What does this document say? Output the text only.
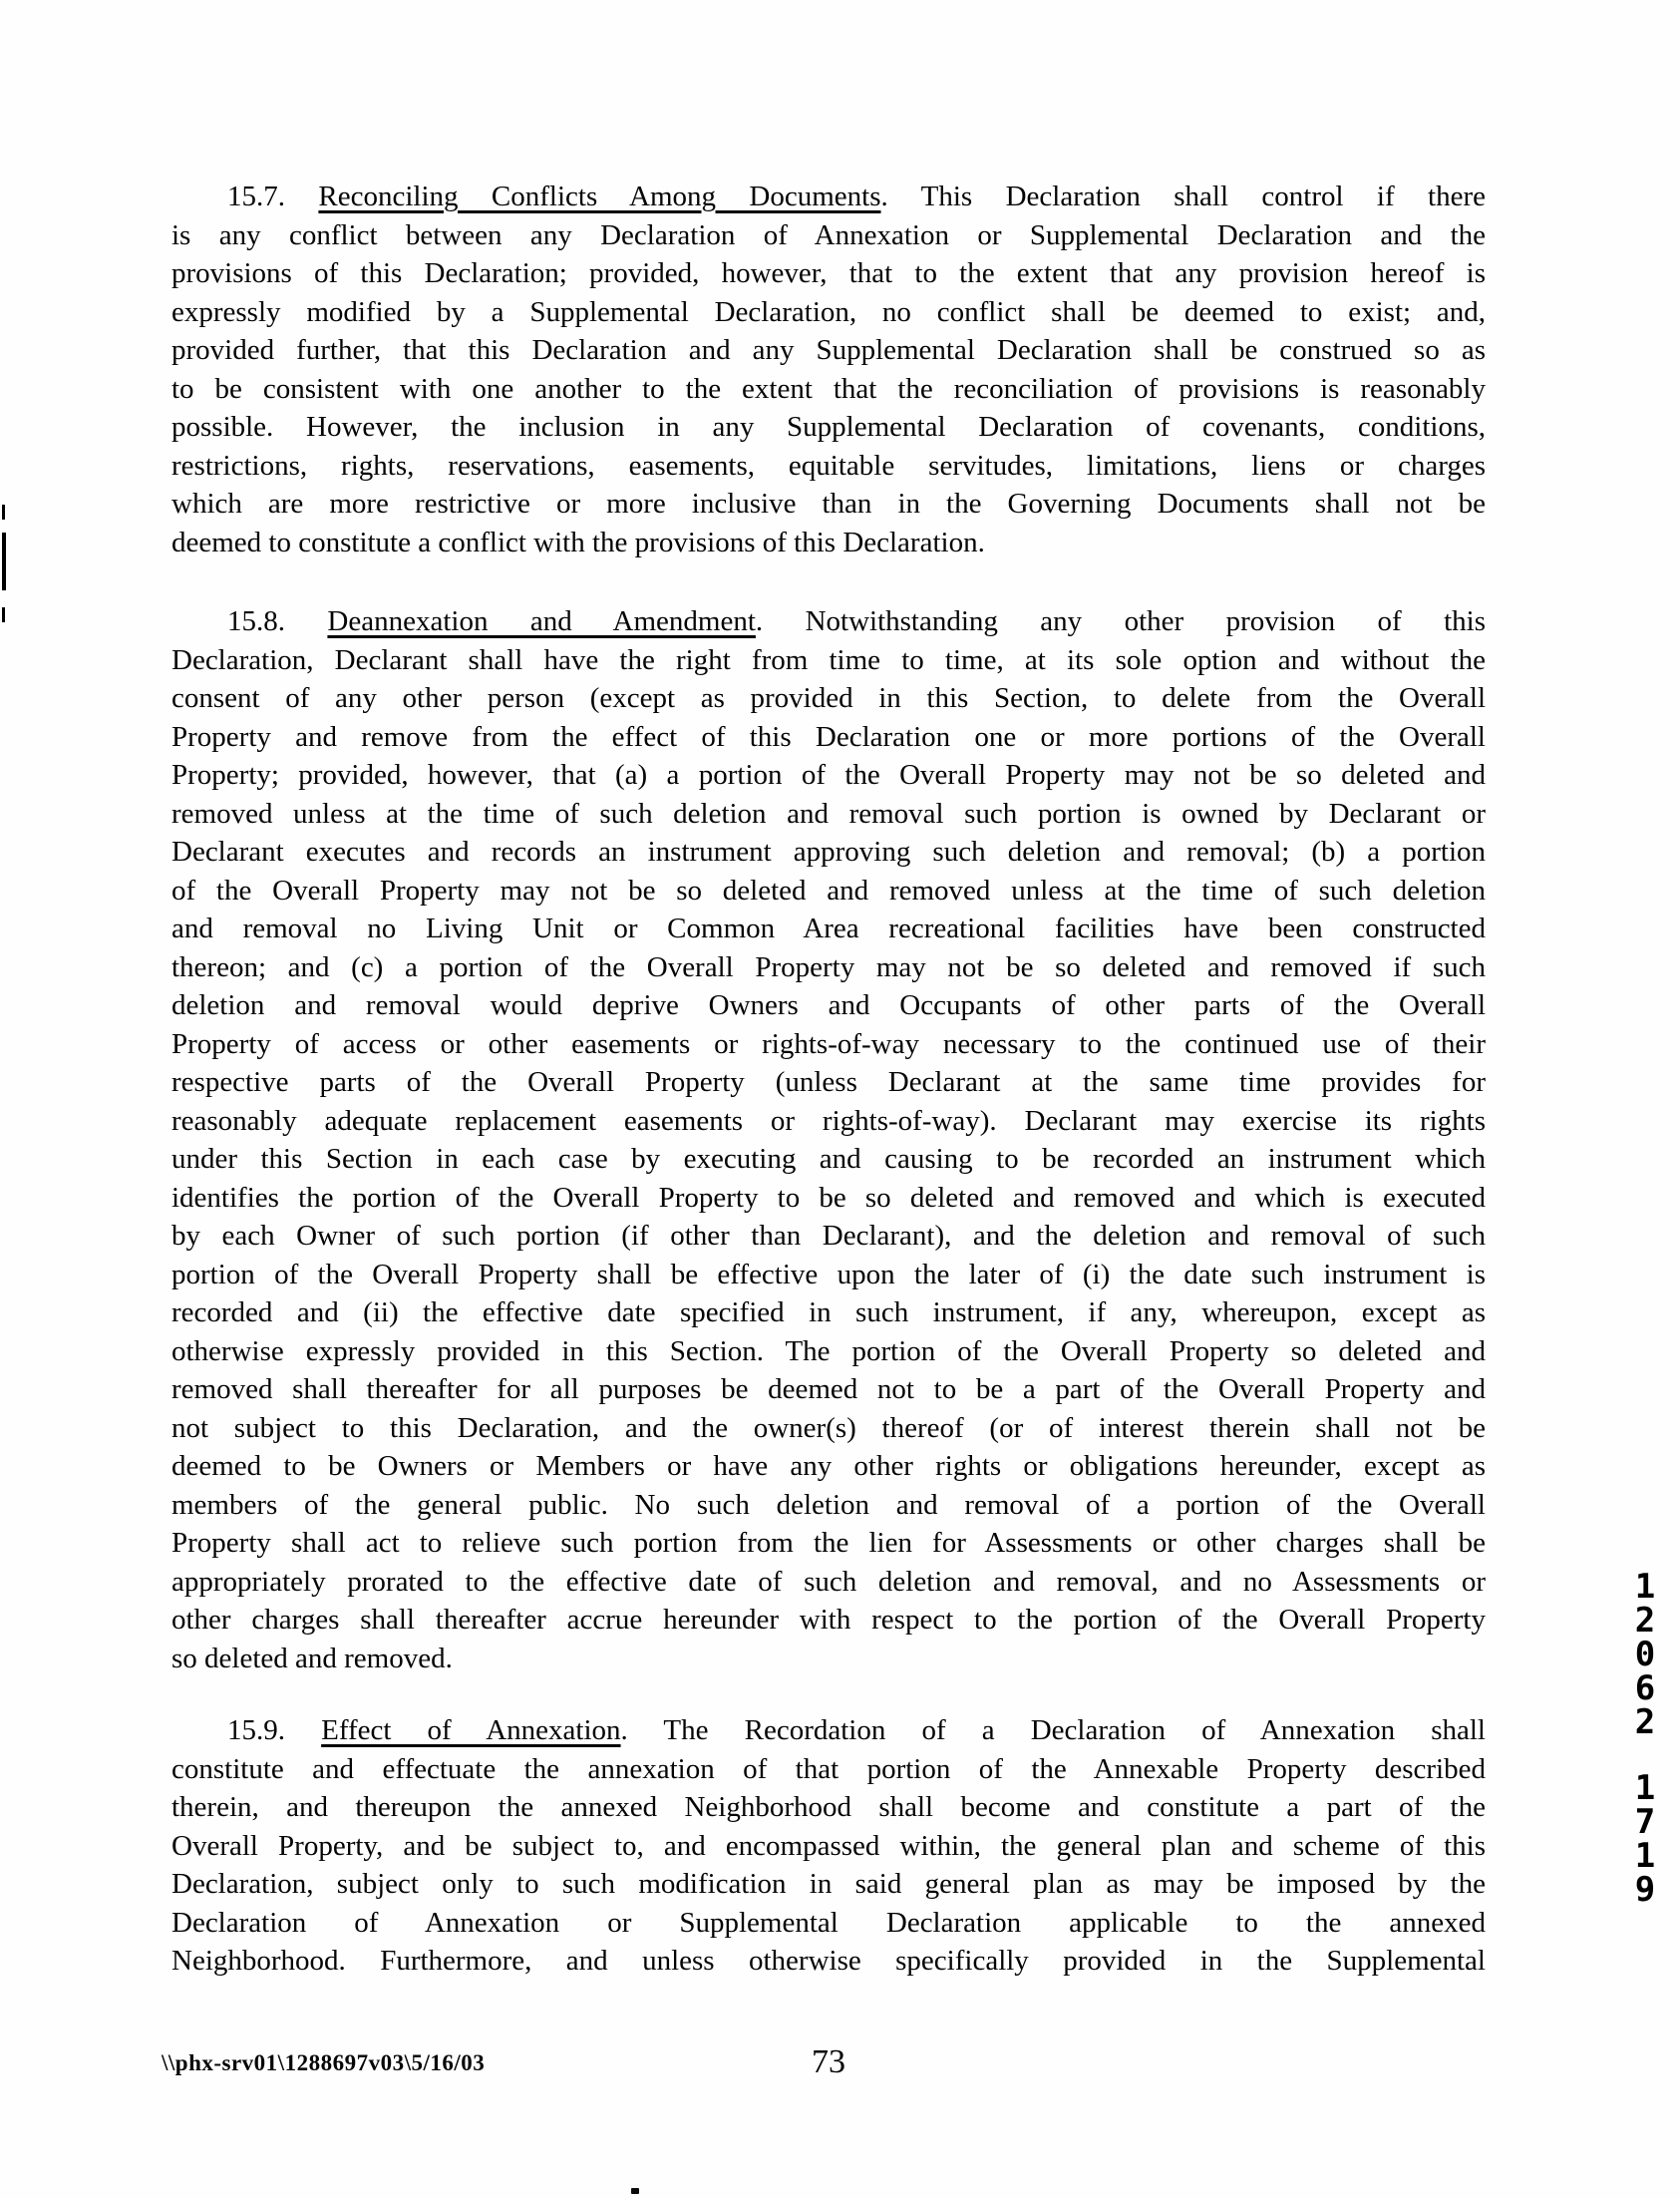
15.7. Reconciling Conflicts Among Documents. This Declaration shall control if there
is any conflict between any Declaration of Annexation or Supplemental Declaration and the
provisions of this Declaration; provided, however, that to the extent that any provision hereof is
expressly modified by a Supplemental Declaration, no conflict shall be deemed to exist; and,
provided further, that this Declaration and any Supplemental Declaration shall be construed so as
to be consistent with one another to the extent that the reconciliation of provisions is reasonably
possible. However, the inclusion in any Supplemental Declaration of covenants, conditions,
restrictions, rights, reservations, easements, equitable servitudes, limitations, liens or charges
which are more restrictive or more inclusive than in the Governing Documents shall not be
deemed to constitute a conflict with the provisions of this Declaration.
15.8. Deannexation and Amendment. Notwithstanding any other provision of this
Declaration, Declarant shall have the right from time to time, at its sole option and without the
consent of any other person (except as provided in this Section, to delete from the Overall
Property and remove from the effect of this Declaration one or more portions of the Overall
Property; provided, however, that (a) a portion of the Overall Property may not be so deleted and
removed unless at the time of such deletion and removal such portion is owned by Declarant or
Declarant executes and records an instrument approving such deletion and removal; (b) a portion
of the Overall Property may not be so deleted and removed unless at the time of such deletion
and removal no Living Unit or Common Area recreational facilities have been constructed
thereon; and (c) a portion of the Overall Property may not be so deleted and removed if such
deletion and removal would deprive Owners and Occupants of other parts of the Overall
Property of access or other easements or rights-of-way necessary to the continued use of their
respective parts of the Overall Property (unless Declarant at the same time provides for
reasonably adequate replacement easements or rights-of-way). Declarant may exercise its rights
under this Section in each case by executing and causing to be recorded an instrument which
identifies the portion of the Overall Property to be so deleted and removed and which is executed
by each Owner of such portion (if other than Declarant), and the deletion and removal of such
portion of the Overall Property shall be effective upon the later of (i) the date such instrument is
recorded and (ii) the effective date specified in such instrument, if any, whereupon, except as
otherwise expressly provided in this Section. The portion of the Overall Property so deleted and
removed shall thereafter for all purposes be deemed not to be a part of the Overall Property and
not subject to this Declaration, and the owner(s) thereof (or of interest therein shall not be
deemed to be Owners or Members or have any other rights or obligations hereunder, except as
members of the general public. No such deletion and removal of a portion of the Overall
Property shall act to relieve such portion from the lien for Assessments or other charges shall be
appropriately prorated to the effective date of such deletion and removal, and no Assessments or
other charges shall thereafter accrue hereunder with respect to the portion of the Overall Property
so deleted and removed.
15.9. Effect of Annexation. The Recordation of a Declaration of Annexation shall
constitute and effectuate the annexation of that portion of the Annexable Property described
therein, and thereupon the annexed Neighborhood shall become and constitute a part of the
Overall Property, and be subject to, and encompassed within, the general plan and scheme of this
Declaration, subject only to such modification in said general plan as may be imposed by the
Declaration of Annexation or Supplemental Declaration applicable to the annexed
Neighborhood. Furthermore, and unless otherwise specifically provided in the Supplemental
1
2
0
6
2
1
7
1
9
\\phx-srv01\1288697v03\5/16/03	73
